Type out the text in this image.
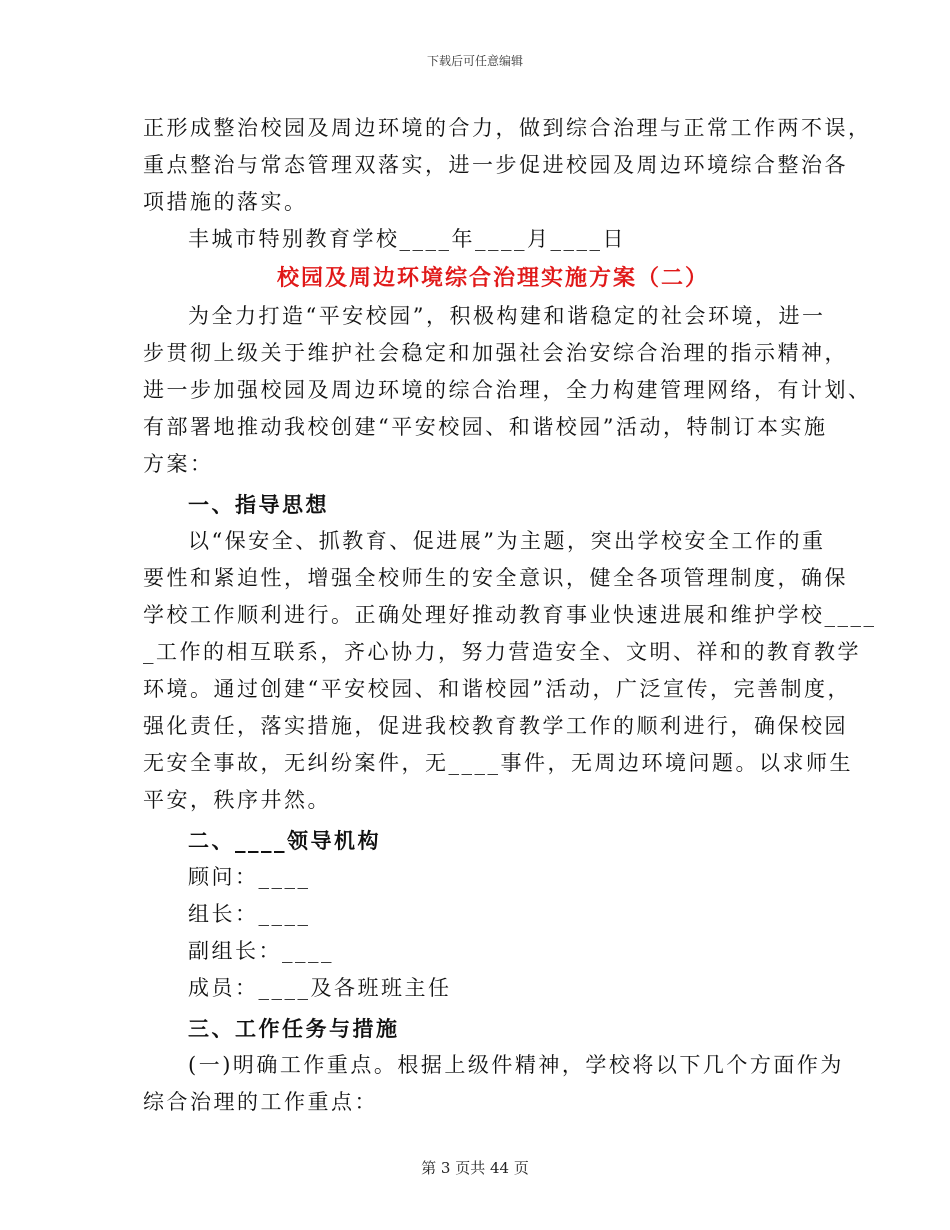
下载后可任意编辑

正形成整治校园及周边环境的合力，做到综合治理与正常工作两不误，

重点整治与常态管理双落实，进一步促进校园及周边环境综合整治各

项措施的落实。

丰城市特别教育学校____年____月____日

校园及周边环境综合治理实施方案（二）

为全力打造“平安校园”，积极构建和谐稳定的社会环境，进一

步贯彻上级关于维护社会稳定和加强社会治安综合治理的指示精神，

进一步加强校园及周边环境的综合治理，全力构建管理网络，有计划、

有部署地推动我校创建“平安校园、和谐校园”活动，特制订本实施

方案：

一、指导思想

以“保安全、抓教育、促进展”为主题，突出学校安全工作的重

要性和紧迫性，增强全校师生的安全意识，健全各项管理制度，确保

学校工作顺利进行。正确处理好推动教育事业快速进展和维护学校____

_工作的相互联系，齐心协力，努力营造安全、文明、祥和的教育教学

环境。通过创建“平安校园、和谐校园”活动，广泛宣传，完善制度，

强化责任，落实措施，促进我校教育教学工作的顺利进行，确保校园

无安全事故，无纠纷案件，无____事件，无周边环境问题。以求师生

平安，秩序井然。

二、____领导机构

顾问：____

组长：____

副组长：____

成员：____及各班班主任

三、工作任务与措施

(一)明确工作重点。根据上级件精神，学校将以下几个方面作为

综合治理的工作重点：

第 3 页共 44 页
